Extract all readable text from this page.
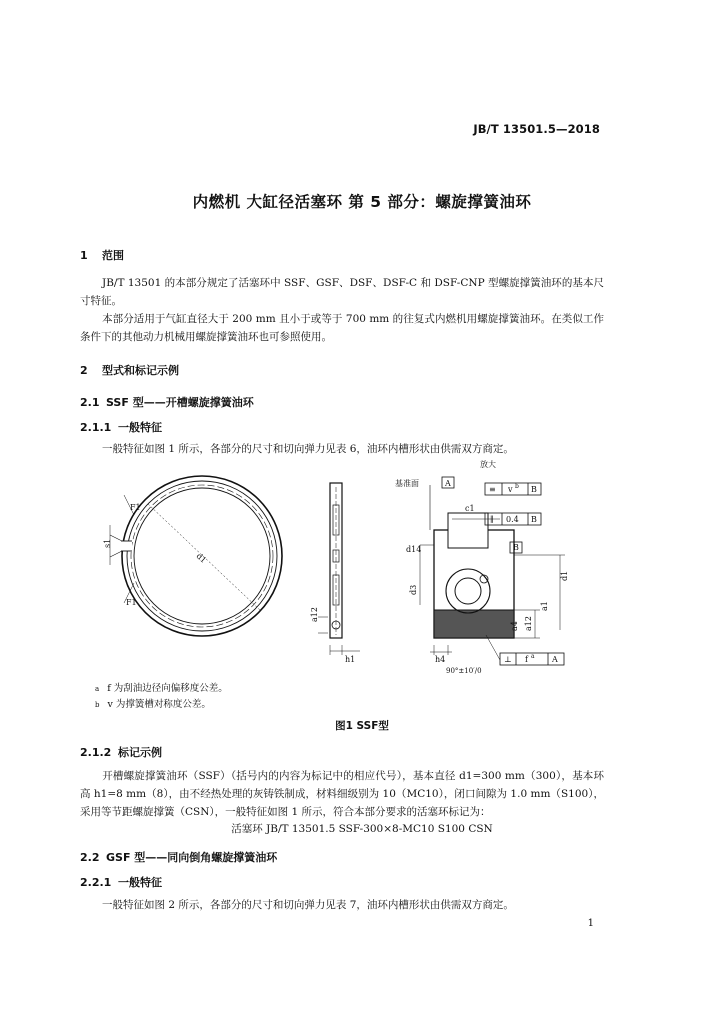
JB/T 13501.5—2018
内燃机 大缸径活塞环 第 5 部分：螺旋撑簧油环
1 范围
JB/T 13501 的本部分规定了活塞环中 SSF、GSF、DSF、DSF-C 和 DSF-CNP 型螺旋撑簧油环的基本尺寸特征。
本部分适用于气缸直径大于 200 mm 且小于或等于 700 mm 的往复式内燃机用螺旋撑簧油环。在类似工作条件下的其他动力机械用螺旋撑簧油环也可参照使用。
2 型式和标记示例
2.1 SSF 型——开槽螺旋撑簧油环
2.1.1 一般特征
一般特征如图 1 所示，各部分的尺寸和切向弹力见表 6，油环内槽形状由供需双方商定。
F1
F1
s1
d1
h1
a12
放大
基准面	A
v b B
c1
0.4 B
B
d14
d3
d1
a1
a4 a12
h4
90°±10′/0
f a A
⊥
≡
∥
$^a$ f 为刮油边径向偏移度公差。
$^b$ v 为撑簧槽对称度公差。
图1 SSF型
2.1.2 标记示例
开槽螺旋撑簧油环（SSF）（括号内的内容为标记中的相应代号），基本直径 d1=300 mm（300），基本环高 h1=8 mm（8），由不经热处理的灰铸铁制成，材料细级别为 10（MC10），闭口间隙为 1.0 mm（S100），采用等节距螺旋撑簧（CSN），一般特征如图 1 所示，符合本部分要求的活塞环标记为：
活塞环 JB/T 13501.5 SSF-300×8-MC10 S100 CSN
2.2 GSF 型——同向倒角螺旋撑簧油环
2.2.1 一般特征
一般特征如图 2 所示，各部分的尺寸和切向弹力见表 7，油环内槽形状由供需双方商定。
1
